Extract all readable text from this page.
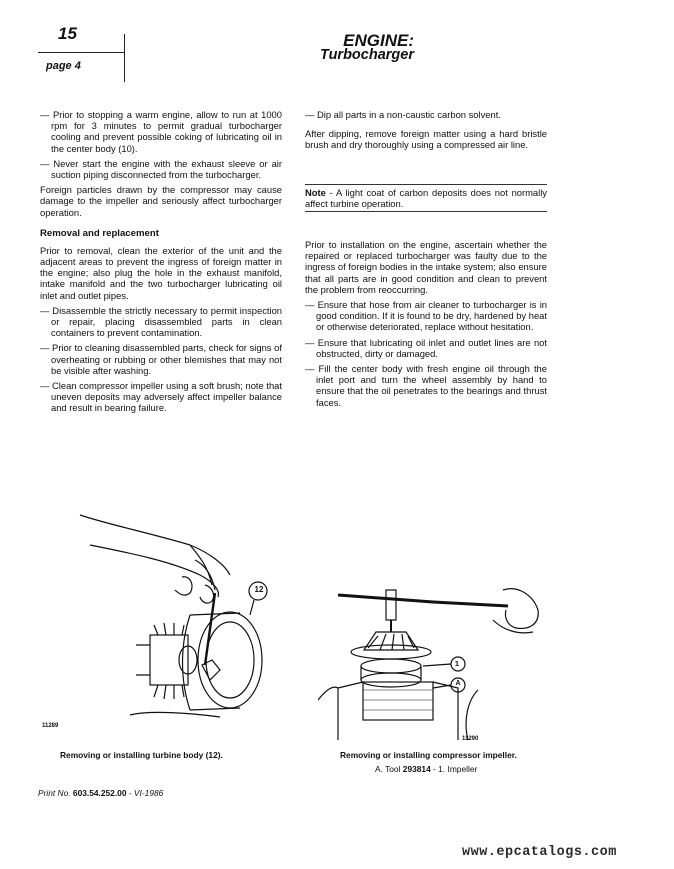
15
page 4
ENGINE:
Turbocharger

— Prior to stopping a warm engine, allow to run at 1000 rpm for 3 minutes to permit gradual turbocharger cooling and prevent possible coking of lubricating oil in the center body (10).

— Never start the engine with the exhaust sleeve or air suction piping disconnected from the turbocharger.

Foreign particles drawn by the compressor may cause damage to the impeller and seriously affect turbocharger operation.

Removal and replacement

Prior to removal, clean the exterior of the unit and the adjacent areas to prevent the ingress of foreign matter in the engine; also plug the hole in the exhaust manifold, intake manifold and the two turbocharger lubricating oil inlet and outlet pipes.

— Disassemble the strictly necessary to permit inspection or repair, placing disassembled parts in clean containers to prevent contamination.

— Prior to cleaning disassembled parts, check for signs of overheating or rubbing or other blemishes that may not be visible after washing.

— Clean compressor impeller using a soft brush; note that uneven deposits may adversely affect impeller balance and result in bearing failure.

— Dip all parts in a non-caustic carbon solvent.

After dipping, remove foreign matter using a hard bristle brush and dry thoroughly using a compressed air line.

Note - A light coat of carbon deposits does not normally affect turbine operation.

Prior to installation on the engine, ascertain whether the repaired or replaced turbocharger was faulty due to the ingress of foreign bodies in the intake system; also ensure that all parts are in good condition and clean to prevent the problem from reoccurring.

— Ensure that hose from air cleaner to turbocharger is in good condition. If it is found to be dry, hardened by heat or otherwise deteriorated, replace without hesitation.

— Ensure that lubricating oil inlet and outlet lines are not obstructed, dirty or damaged.

— Fill the center body with fresh engine oil through the inlet port and turn the wheel assembly by hand to ensure that the oil penetrates to the bearings and thrust faces.

12
11289
Removing or installing turbine body (12).
1
A
11290
Removing or installing compressor impeller.
A. Tool 293814 - 1. Impeller
Print No. 603.54.252.00 - VI-1986
www.epcatalogs.com
